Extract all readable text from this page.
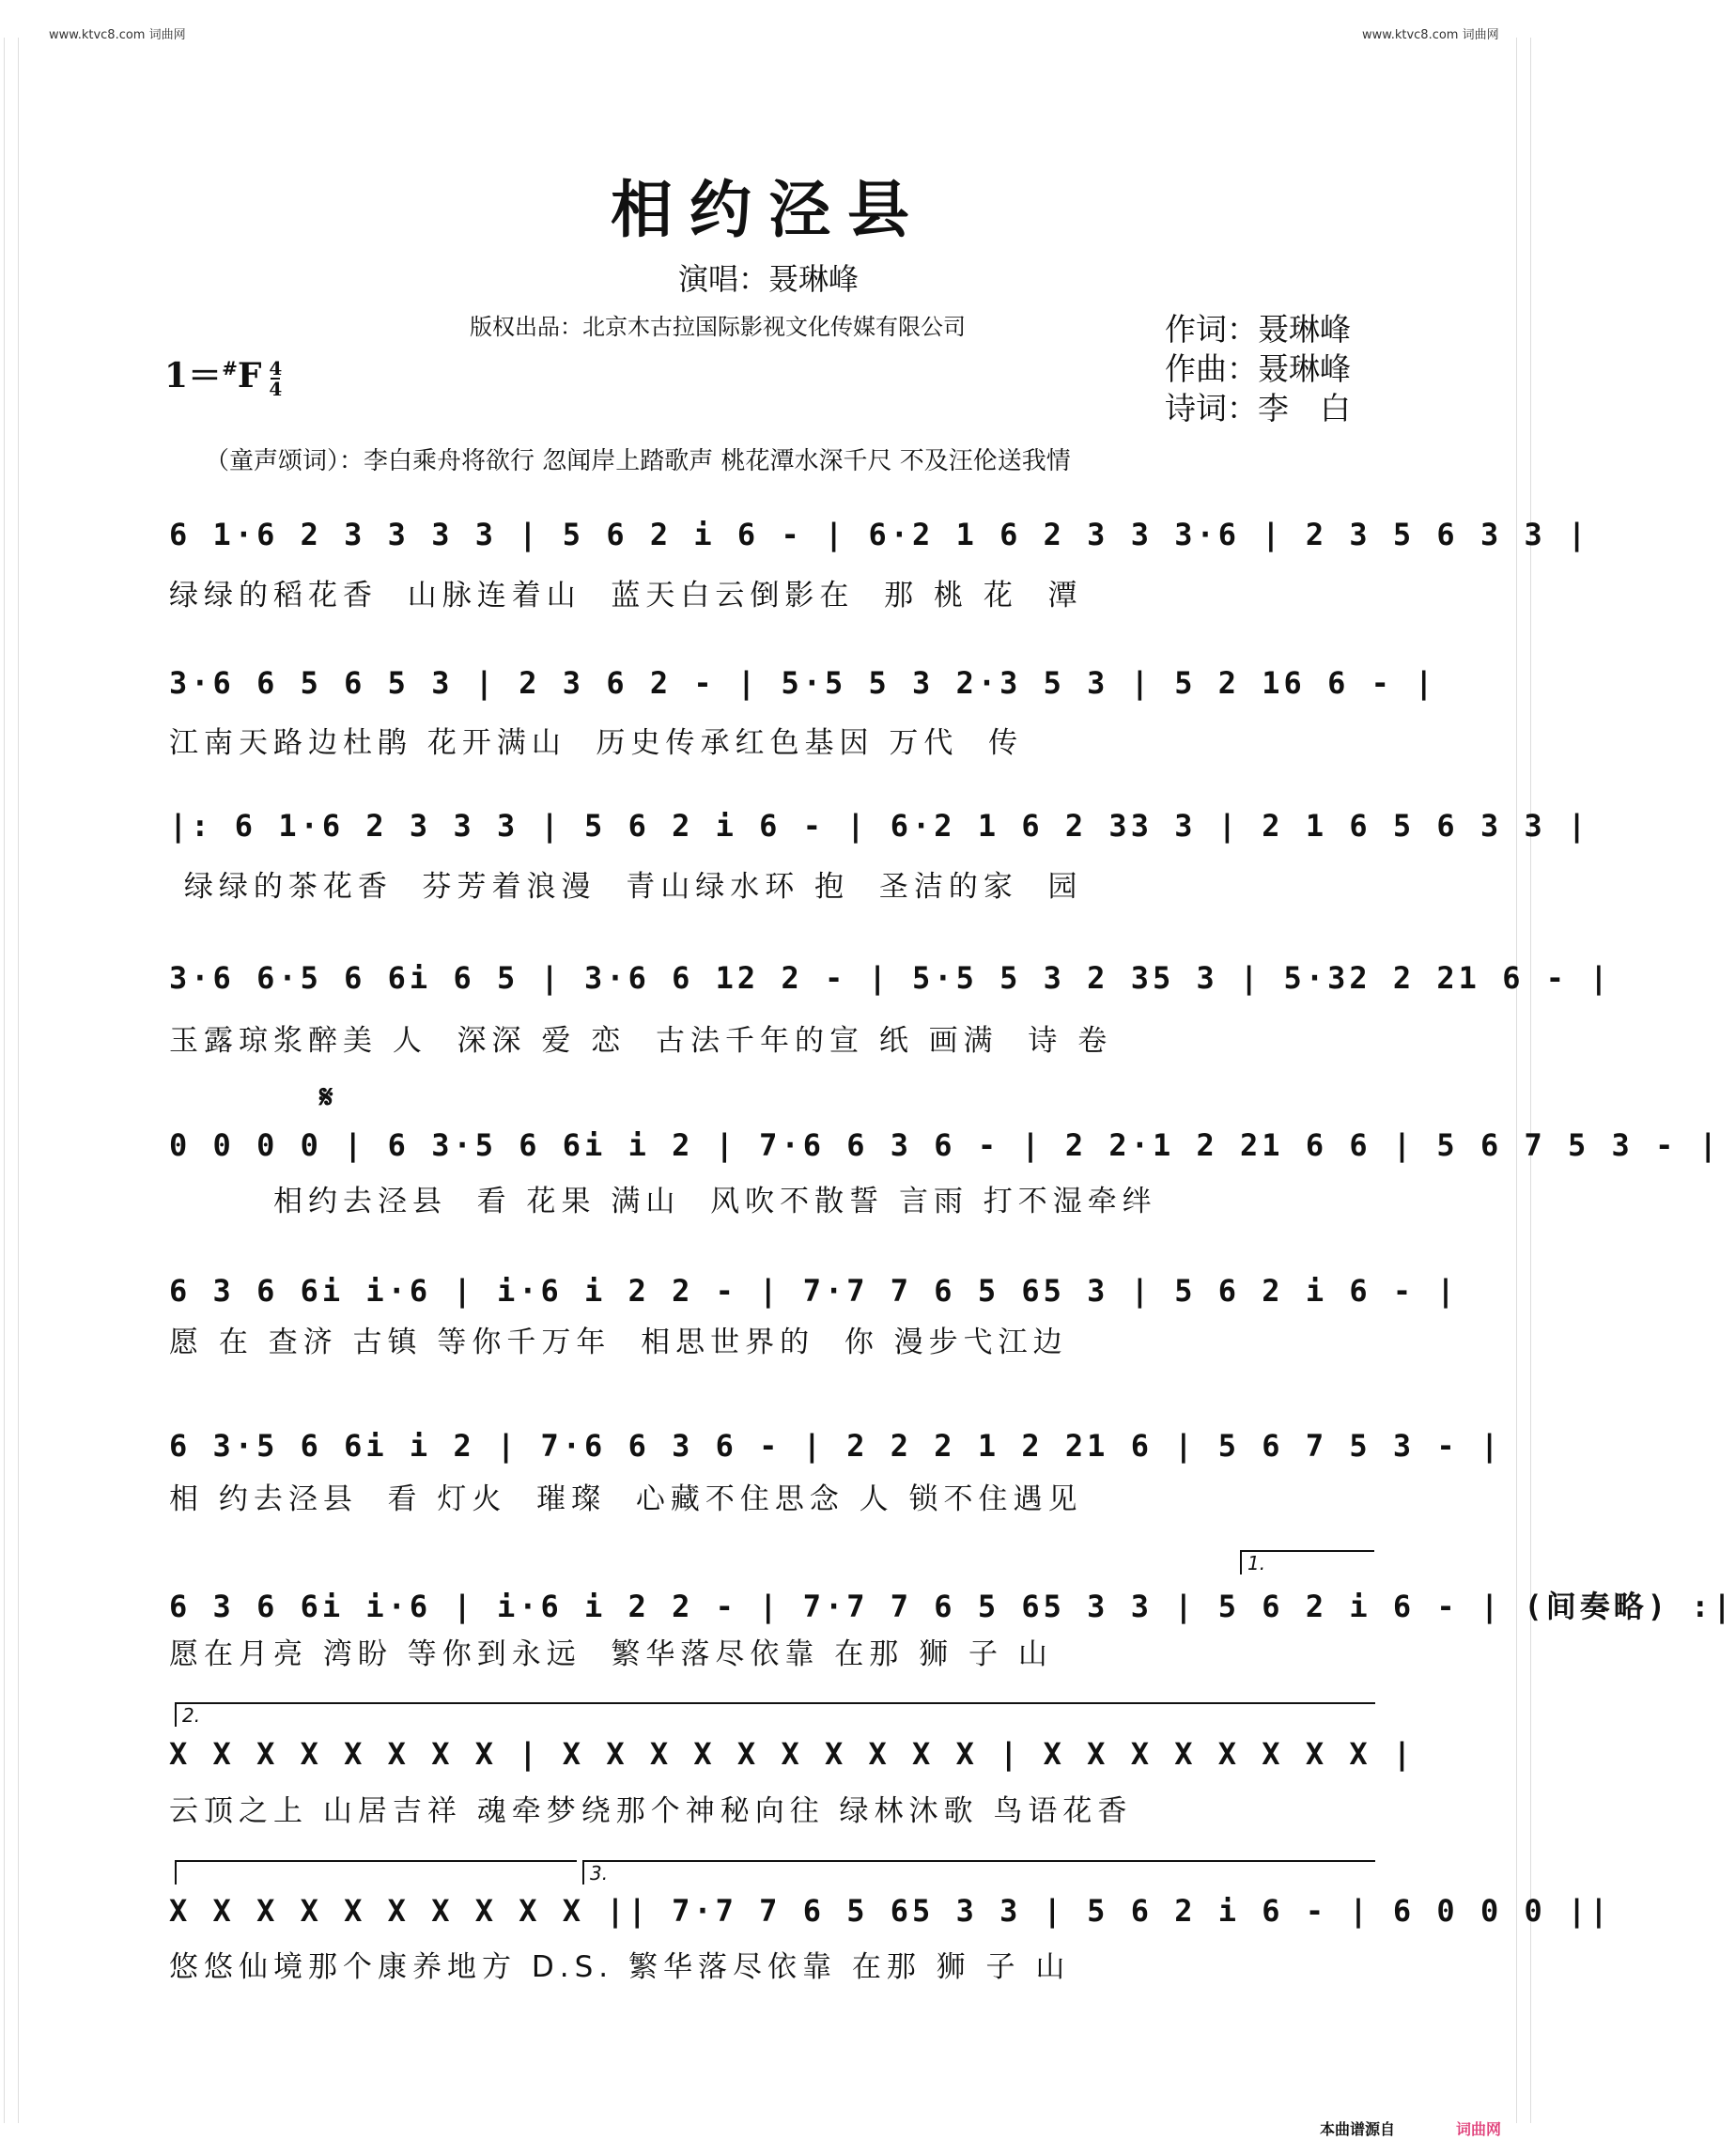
www.ktvc8.com 词曲网	www.ktvc8.com 词曲网
相约泾县
演唱：聂琳峰
版权出品：北京木古拉国际影视文化传媒有限公司	作词：聂琳峰
作曲：聂琳峰
诗词：李　白
$1=^{\#}F \frac{4}{4}$
（童声颂词）：李白乘舟将欲行 忽闻岸上踏歌声 桃花潭水深千尺 不及汪伦送我情
6 1·6 2 3 3 3 3 | 5 6 2 i 6 - | 6·2 1 6 2 3 3 3·6 | 2 3 5 6 3 3 |
绿绿的稻花香  山脉连着山  蓝天白云倒影在  那 桃 花  潭
3·6 6 5 6 5 3 | 2 3 6 2 - | 5·5 5 3 2·3 5 3 | 5 2 16 6 - |
江南天路边杜鹃 花开满山  历史传承红色基因 万代  传
|: 6 1·6 2 3 3 3 | 5 6 2 i 6 - | 6·2 1 6 2 33 3 | 2 1 6 5 6 3 3 |
绿绿的茶花香  芬芳着浪漫  青山绿水环 抱  圣洁的家  园
3·6 6·5 6 6i 6 5 | 3·6 6 12 2 - | 5·5 5 3 2 35 3 | 5·32 2 21 6 - |
玉露琼浆醉美 人  深深 爱 恋  古法千年的宣 纸 画满  诗 卷
𝄋
0 0 0 0 | 6 3·5 6 6i i 2 | 7·6 6 3 6 - | 2 2·1 2 21 6 6 | 5 6 7 5 3 - |
相约去泾县  看 花果 满山  风吹不散誓 言雨 打不湿牵绊
6 3 6 6i i·6 | i·6 i 2 2 - | 7·7 7 6 5 65 3 | 5 6 2 i 6 - |
愿 在 查济 古镇 等你千万年  相思世界的  你 漫步弋江边
6 3·5 6 6i i 2 | 7·6 6 3 6 - | 2 2 2 1 2 21 6 | 5 6 7 5 3 - |
相 约去泾县  看 灯火  璀璨  心藏不住思念 人 锁不住遇见
1.
6 3 6 6i i·6 | i·6 i 2 2 - | 7·7 7 6 5 65 3 3 | 5 6 2 i 6 - | (间奏略) :|
愿在月亮 湾盼 等你到永远  繁华落尽依靠 在那 狮 子 山
2.
X X X X X X X X | X X X X X X X X X X | X X X X X X X X |
云顶之上 山居吉祥 魂牵梦绕那个神秘向往 绿林沐歌 鸟语花香
3.
X X X X X X X X X X || 7·7 7 6 5 65 3 3 | 5 6 2 i 6 - | 6 0 0 0 ||
悠悠仙境那个康养地方 D.S. 繁华落尽依靠 在那 狮 子 山
本曲谱源自	词曲网
